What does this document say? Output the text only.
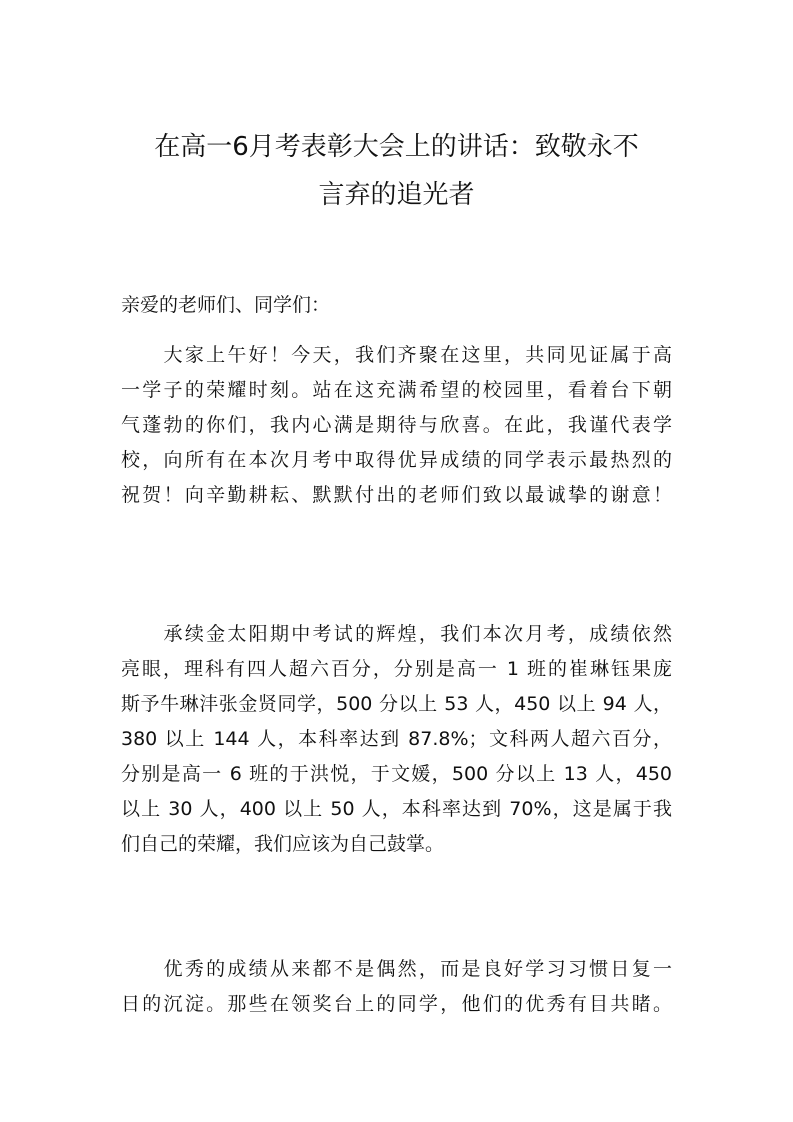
在高一6月考表彰大会上的讲话：致敬永不
言弃的追光者
亲爱的老师们、同学们：
　　大家上午好！今天，我们齐聚在这里，共同见证属于高
一学子的荣耀时刻。站在这充满希望的校园里，看着台下朝
气蓬勃的你们，我内心满是期待与欣喜。在此，我谨代表学
校，向所有在本次月考中取得优异成绩的同学表示最热烈的
祝贺！向辛勤耕耘、默默付出的老师们致以最诚挚的谢意！
　　承续金太阳期中考试的辉煌，我们本次月考，成绩依然
亮眼，理科有四人超六百分，分别是高一 1 班的崔琳钰果庞
斯予牛琳沣张金贤同学，500 分以上 53 人，450 以上 94 人，
380 以上 144 人，本科率达到 87.8%；文科两人超六百分，
分别是高一 6 班的于洪悦，于文媛，500 分以上 13 人，450
以上 30 人，400 以上 50 人，本科率达到 70%，这是属于我
们自己的荣耀，我们应该为自己鼓掌。
　　优秀的成绩从来都不是偶然，而是良好学习习惯日复一
日的沉淀。那些在领奖台上的同学，他们的优秀有目共睹。
